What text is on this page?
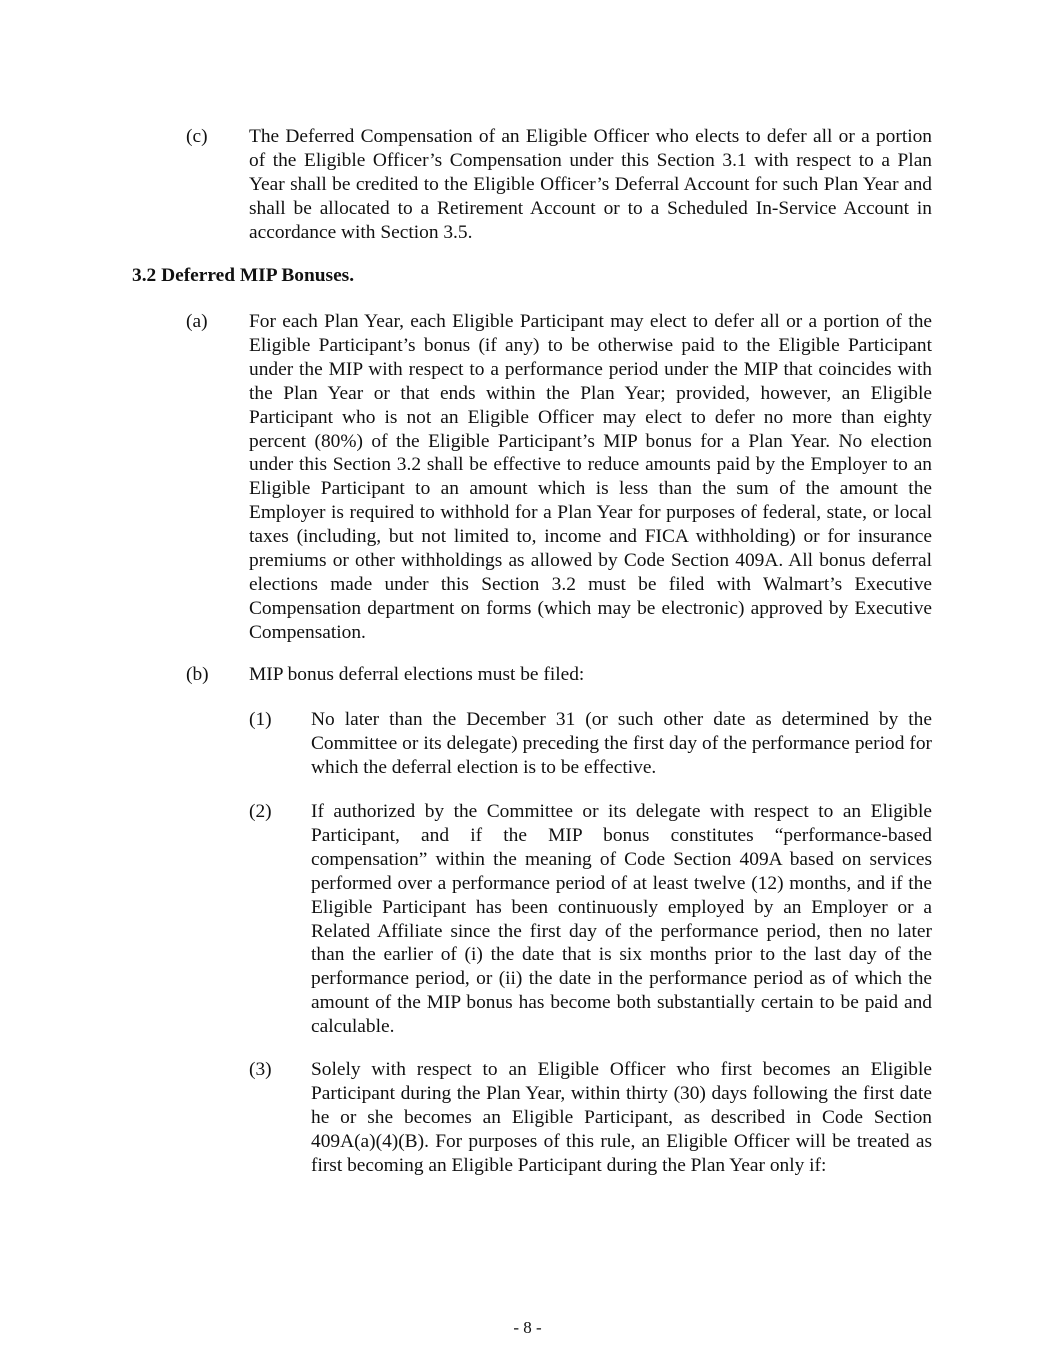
(c) The Deferred Compensation of an Eligible Officer who elects to defer all or a portion of the Eligible Officer’s Compensation under this Section 3.1 with respect to a Plan Year shall be credited to the Eligible Officer’s Deferral Account for such Plan Year and shall be allocated to a Retirement Account or to a Scheduled In-Service Account in accordance with Section 3.5.
3.2 Deferred MIP Bonuses.
(a) For each Plan Year, each Eligible Participant may elect to defer all or a portion of the Eligible Participant’s bonus (if any) to be otherwise paid to the Eligible Participant under the MIP with respect to a performance period under the MIP that coincides with the Plan Year or that ends within the Plan Year; provided, however, an Eligible Participant who is not an Eligible Officer may elect to defer no more than eighty percent (80%) of the Eligible Participant’s MIP bonus for a Plan Year. No election under this Section 3.2 shall be effective to reduce amounts paid by the Employer to an Eligible Participant to an amount which is less than the sum of the amount the Employer is required to withhold for a Plan Year for purposes of federal, state, or local taxes (including, but not limited to, income and FICA withholding) or for insurance premiums or other withholdings as allowed by Code Section 409A. All bonus deferral elections made under this Section 3.2 must be filed with Walmart’s Executive Compensation department on forms (which may be electronic) approved by Executive Compensation.
(b) MIP bonus deferral elections must be filed:
(1) No later than the December 31 (or such other date as determined by the Committee or its delegate) preceding the first day of the performance period for which the deferral election is to be effective.
(2) If authorized by the Committee or its delegate with respect to an Eligible Participant, and if the MIP bonus constitutes “performance-based compensation” within the meaning of Code Section 409A based on services performed over a performance period of at least twelve (12) months, and if the Eligible Participant has been continuously employed by an Employer or a Related Affiliate since the first day of the performance period, then no later than the earlier of (i) the date that is six months prior to the last day of the performance period, or (ii) the date in the performance period as of which the amount of the MIP bonus has become both substantially certain to be paid and calculable.
(3) Solely with respect to an Eligible Officer who first becomes an Eligible Participant during the Plan Year, within thirty (30) days following the first date he or she becomes an Eligible Participant, as described in Code Section 409A(a)(4)(B). For purposes of this rule, an Eligible Officer will be treated as first becoming an Eligible Participant during the Plan Year only if:
- 8 -
